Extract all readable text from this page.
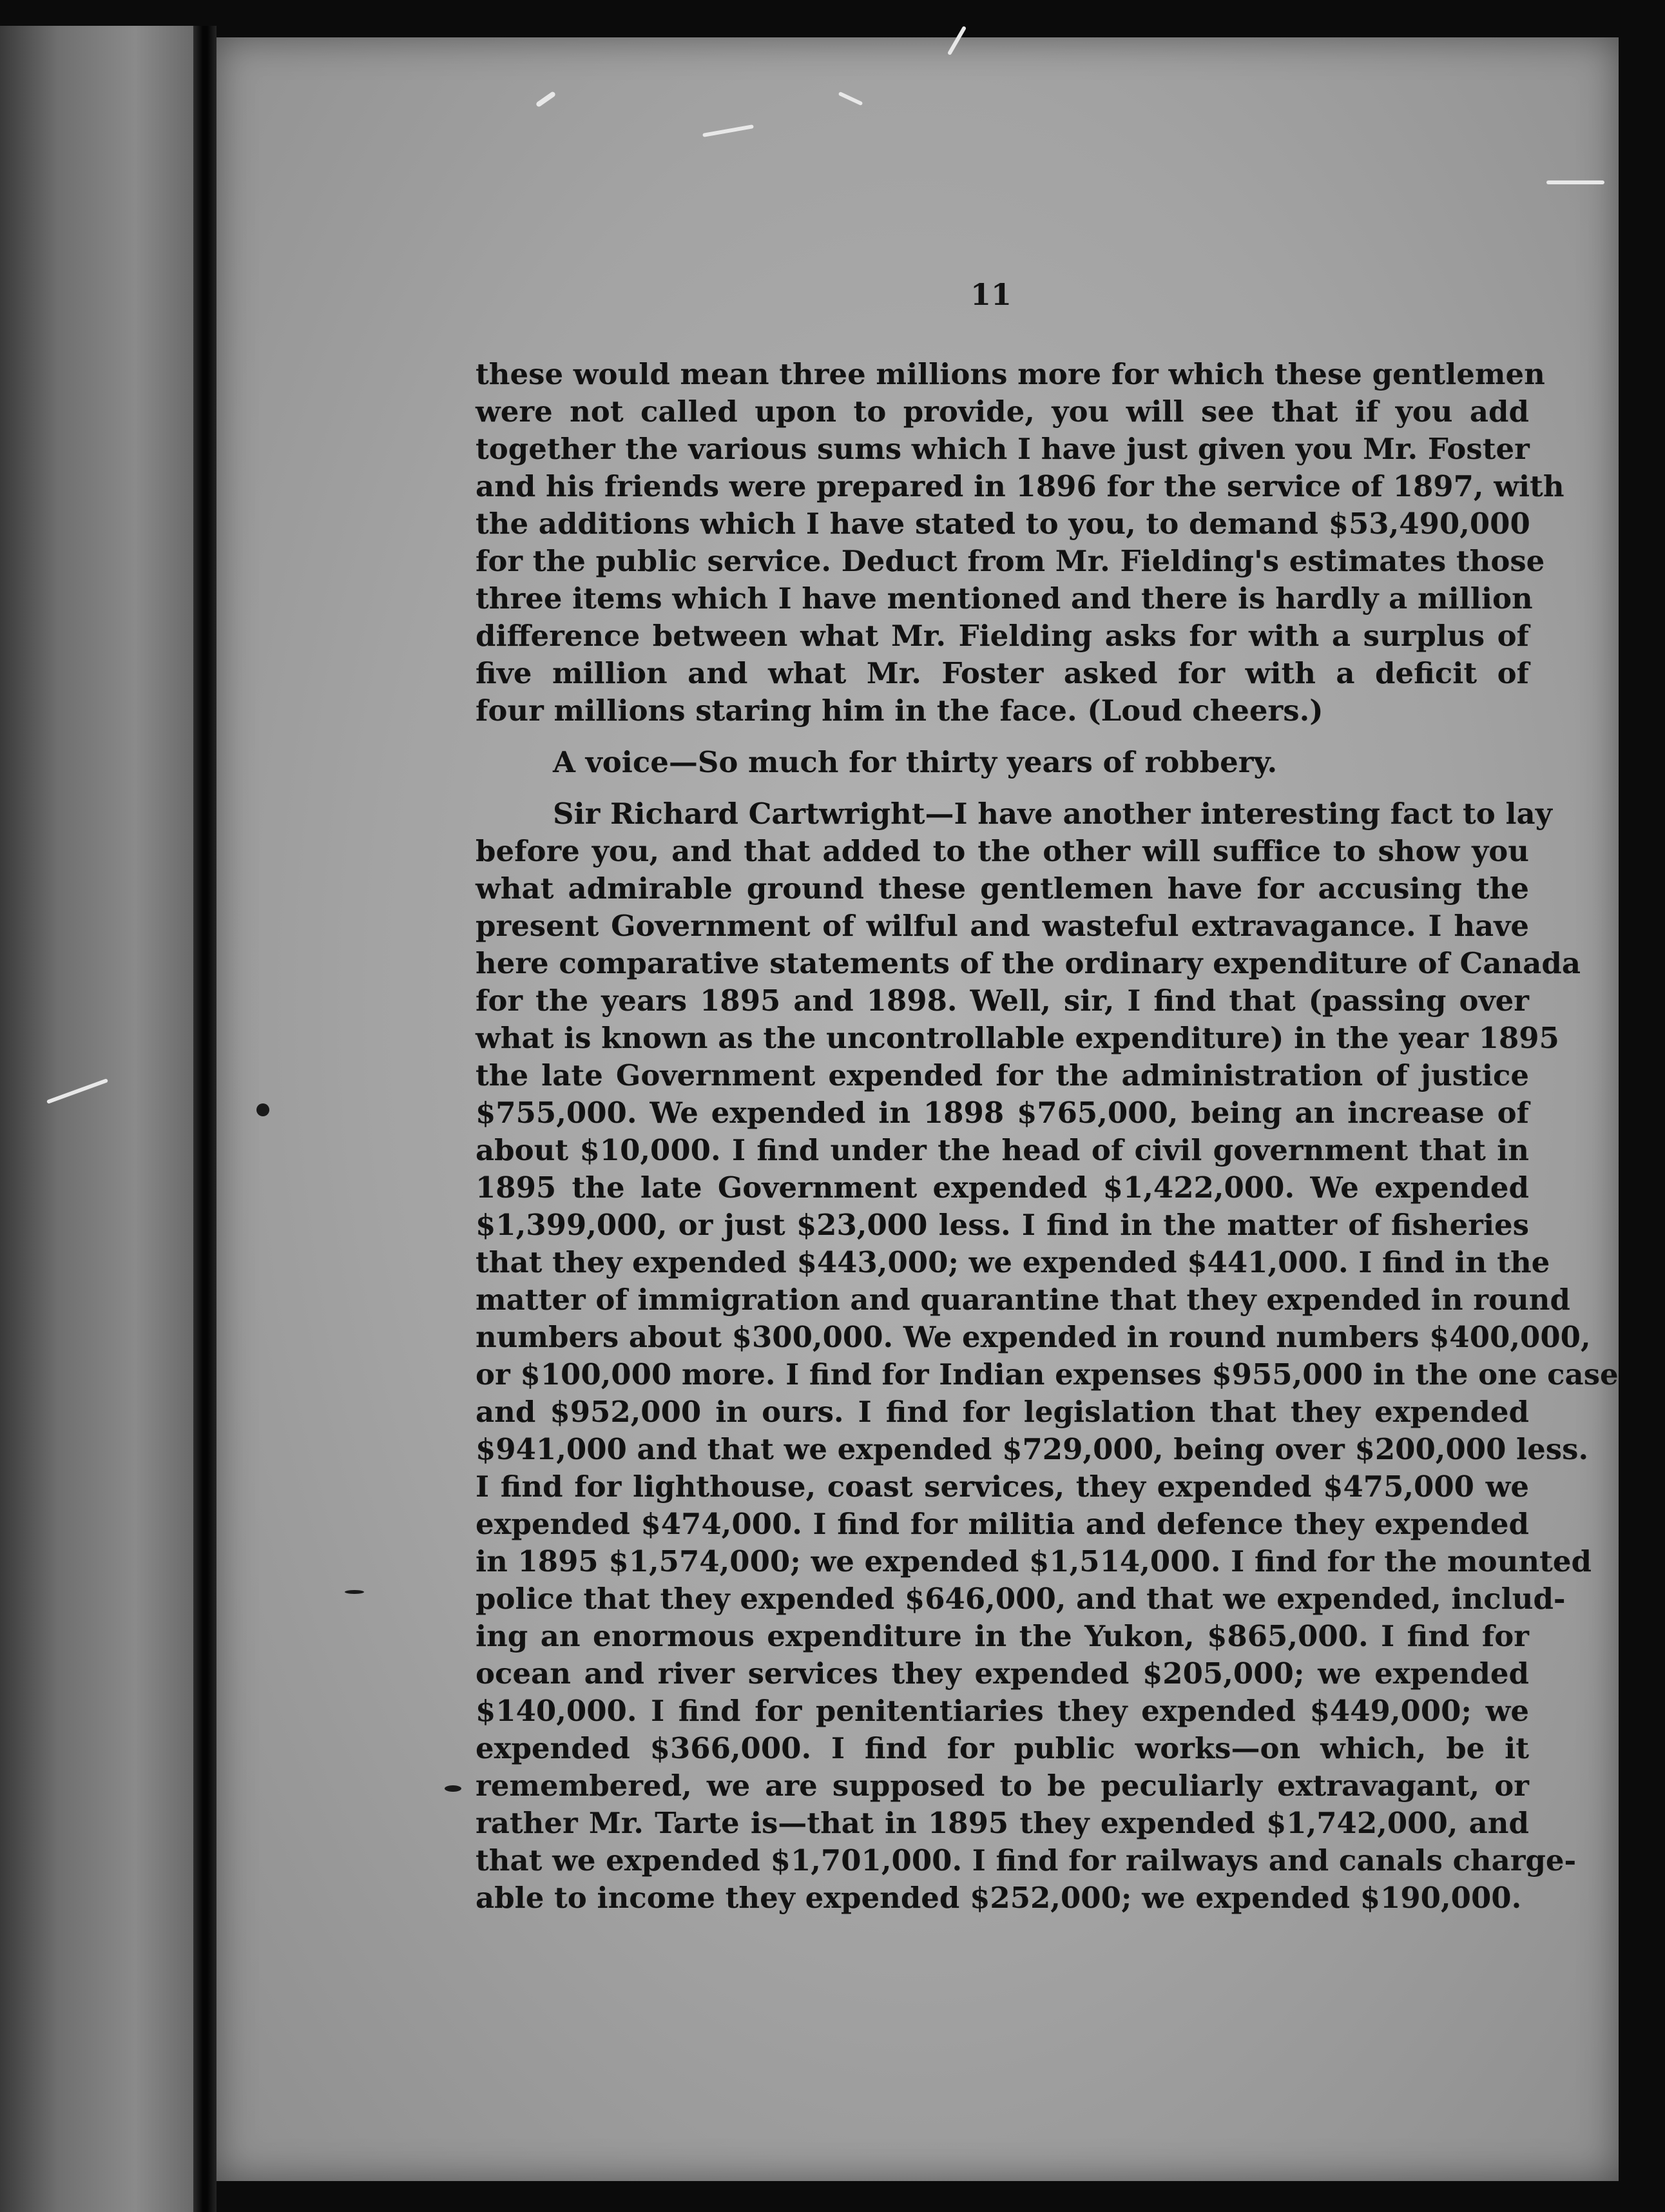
11
these would mean three millions more for which these gentlemen
were not called upon to provide, you will see that if you add
together the various sums which I have just given you Mr. Foster
and his friends were prepared in 1896 for the service of 1897, with
the additions which I have stated to you, to demand $53,490,000
for the public service. Deduct from Mr. Fielding's estimates those
three items which I have mentioned and there is hardly a million
difference between what Mr. Fielding asks for with a surplus of
five million and what Mr. Foster asked for with a deficit of
four millions staring him in the face. (Loud cheers.)
A voice—So much for thirty years of robbery.
Sir Richard Cartwright—I have another interesting fact to lay
before you, and that added to the other will suffice to show you
what admirable ground these gentlemen have for accusing the
present Government of wilful and wasteful extravagance. I have
here comparative statements of the ordinary expenditure of Canada
for the years 1895 and 1898. Well, sir, I find that (passing over
what is known as the uncontrollable expenditure) in the year 1895
the late Government expended for the administration of justice
$755,000. We expended in 1898 $765,000, being an increase of
about $10,000. I find under the head of civil government that in
1895 the late Government expended $1,422,000. We expended
$1,399,000, or just $23,000 less. I find in the matter of fisheries
that they expended $443,000; we expended $441,000. I find in the
matter of immigration and quarantine that they expended in round
numbers about $300,000. We expended in round numbers $400,000,
or $100,000 more. I find for Indian expenses $955,000 in the one case
and $952,000 in ours. I find for legislation that they expended
$941,000 and that we expended $729,000, being over $200,000 less.
I find for lighthouse, coast services, they expended $475,000 we
expended $474,000. I find for militia and defence they expended
in 1895 $1,574,000; we expended $1,514,000. I find for the mounted
police that they expended $646,000, and that we expended, includ-
ing an enormous expenditure in the Yukon, $865,000. I find for
ocean and river services they expended $205,000; we expended
$140,000. I find for penitentiaries they expended $449,000; we
expended $366,000. I find for public works—on which, be it
remembered, we are supposed to be peculiarly extravagant, or
rather Mr. Tarte is—that in 1895 they expended $1,742,000, and
that we expended $1,701,000. I find for railways and canals charge-
able to income they expended $252,000; we expended $190,000.
